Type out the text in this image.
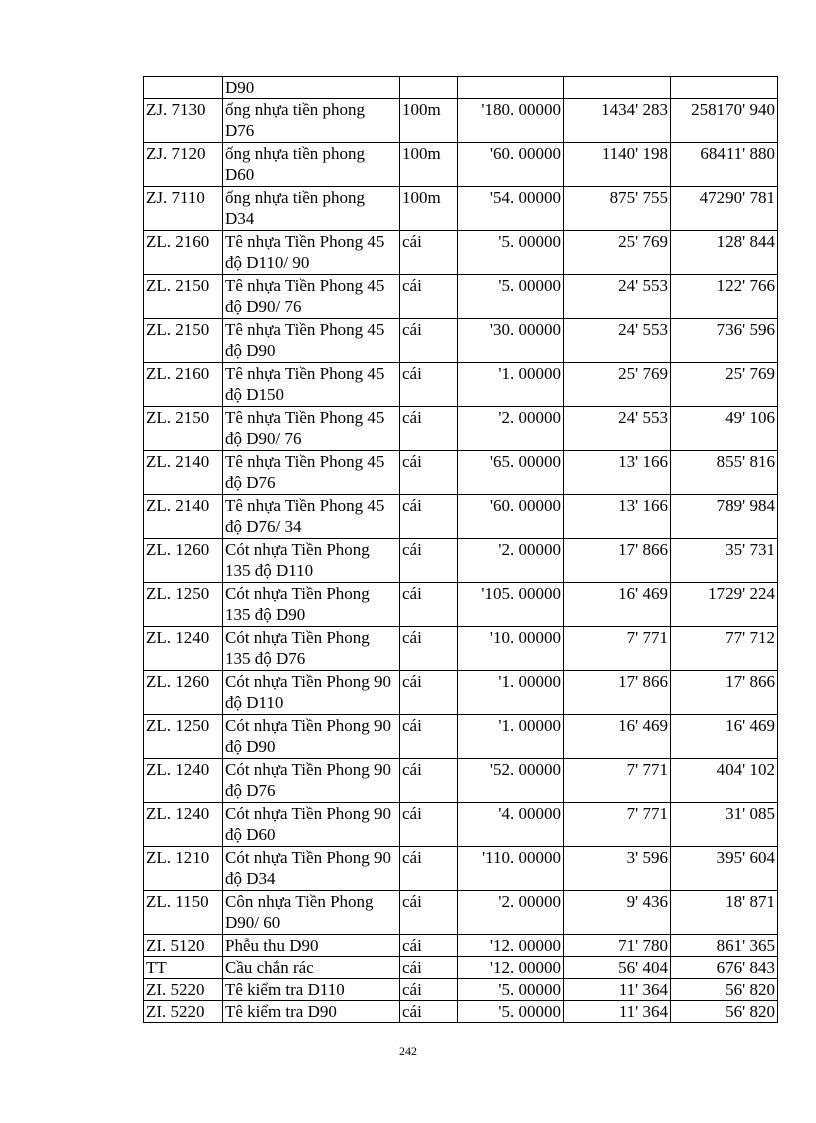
	D90				
ZJ. 7130	ống nhựa tiền phong D76	100m	'180. 00000	1434' 283	258170' 940
ZJ. 7120	ống nhựa tiền phong D60	100m	'60. 00000	1140' 198	68411' 880
ZJ. 7110	ống nhựa tiền phong D34	100m	'54. 00000	875' 755	47290' 781
ZL. 2160	Tê nhựa Tiền Phong 45 độ D110/ 90	cái	'5. 00000	25' 769	128' 844
ZL. 2150	Tê nhựa Tiền Phong 45 độ D90/ 76	cái	'5. 00000	24' 553	122' 766
ZL. 2150	Tê nhựa Tiền Phong 45 độ D90	cái	'30. 00000	24' 553	736' 596
ZL. 2160	Tê nhựa Tiền Phong 45 độ D150	cái	'1. 00000	25' 769	25' 769
ZL. 2150	Tê nhựa Tiền Phong 45 độ D90/ 76	cái	'2. 00000	24' 553	49' 106
ZL. 2140	Tê nhựa Tiền Phong 45 độ D76	cái	'65. 00000	13' 166	855' 816
ZL. 2140	Tê nhựa Tiền Phong 45 độ D76/ 34	cái	'60. 00000	13' 166	789' 984
ZL. 1260	Cót nhựa Tiền Phong 135 độ D110	cái	'2. 00000	17' 866	35' 731
ZL. 1250	Cót nhựa Tiền Phong 135 độ D90	cái	'105. 00000	16' 469	1729' 224
ZL. 1240	Cót nhựa Tiền Phong 135 độ D76	cái	'10. 00000	7' 771	77' 712
ZL. 1260	Cót nhựa Tiền Phong 90 độ D110	cái	'1. 00000	17' 866	17' 866
ZL. 1250	Cót nhựa Tiền Phong 90 độ D90	cái	'1. 00000	16' 469	16' 469
ZL. 1240	Cót nhựa Tiền Phong 90 độ D76	cái	'52. 00000	7' 771	404' 102
ZL. 1240	Cót nhựa Tiền Phong 90 độ D60	cái	'4. 00000	7' 771	31' 085
ZL. 1210	Cót nhựa Tiền Phong 90 độ D34	cái	'110. 00000	3' 596	395' 604
ZL. 1150	Côn nhựa Tiền Phong D90/ 60	cái	'2. 00000	9' 436	18' 871
ZI. 5120	Phễu thu D90	cái	'12. 00000	71' 780	861' 365
TT	Cầu chắn rác	cái	'12. 00000	56' 404	676' 843
ZI. 5220	Tê kiểm tra D110	cái	'5. 00000	11' 364	56' 820
ZI. 5220	Tê kiểm tra D90	cái	'5. 00000	11' 364	56' 820
242
